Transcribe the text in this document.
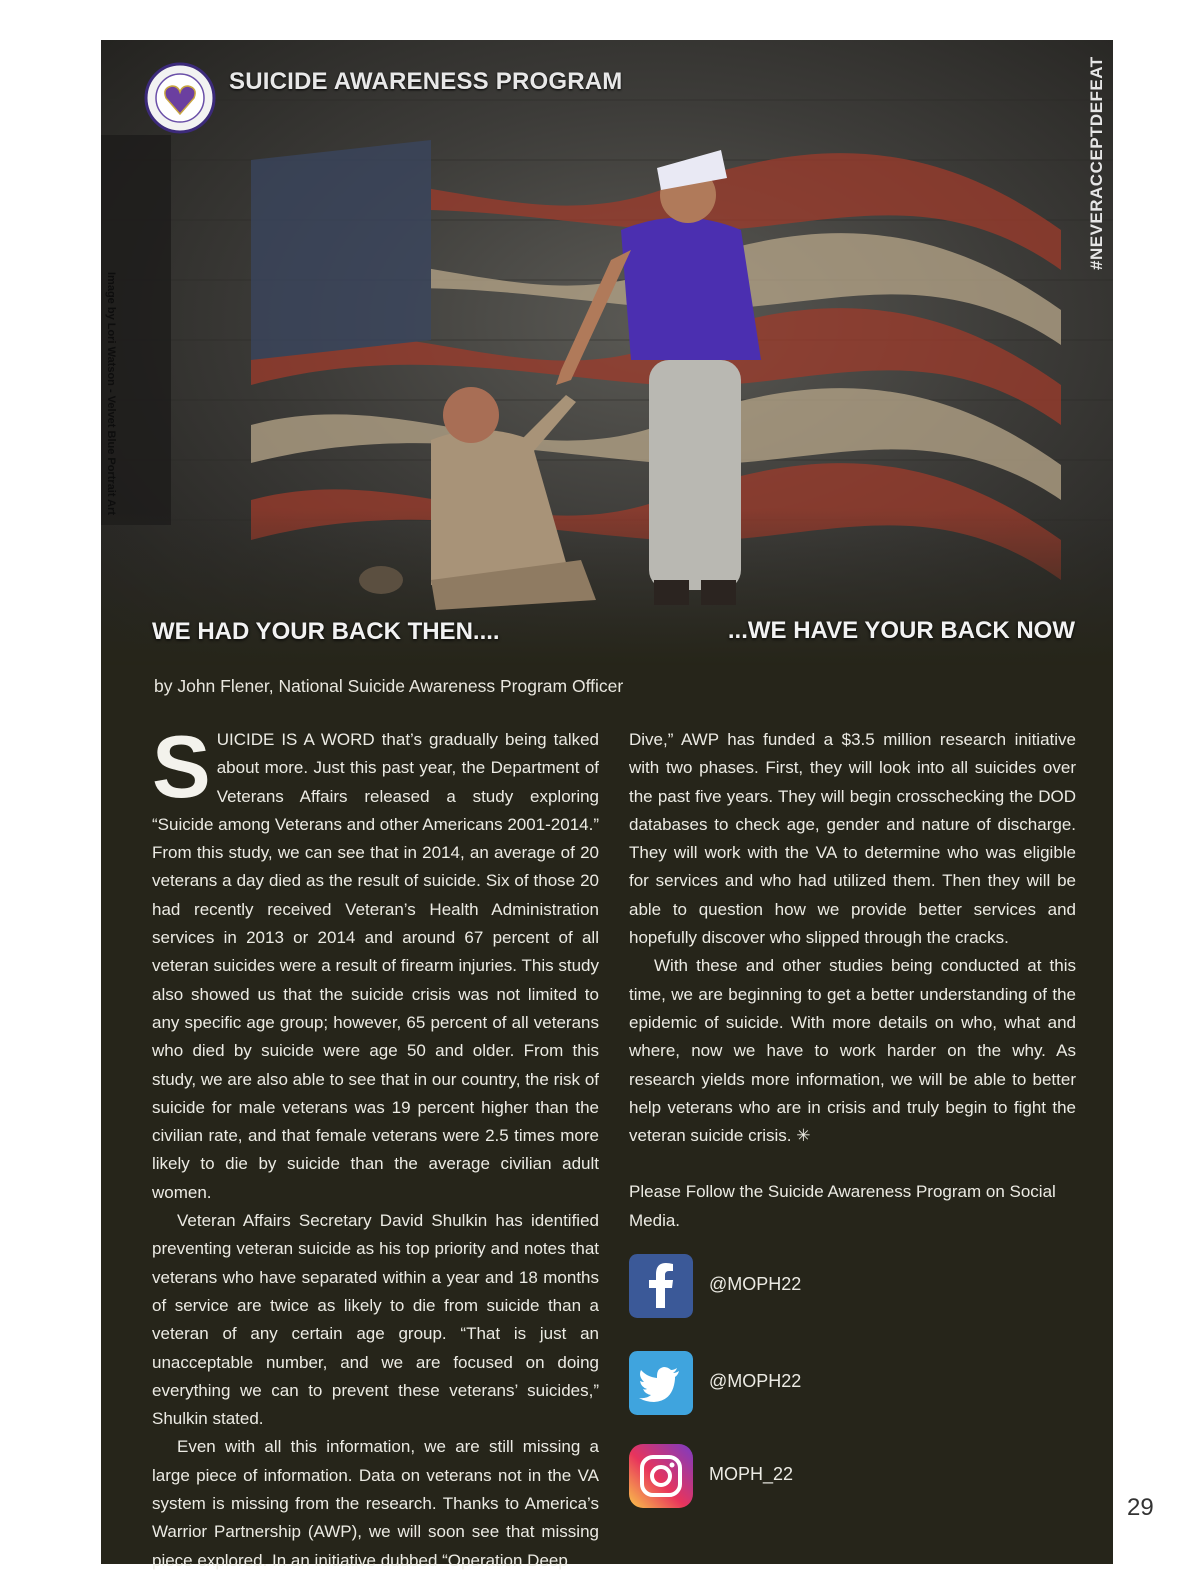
SUICIDE AWARENESS PROGRAM	#NEVERACCEPTDEFEAT
Image by Lori Watson - Velvet Blue Portrait Art
WE HAD YOUR BACK THEN....	...WE HAVE YOUR BACK NOW
by John Flener, National Suicide Awareness Program Officer

SUICIDE IS A WORD that’s gradually being talked about more. Just this past year, the Department of Veterans Affairs released a study exploring “Suicide among Veterans and other Americans 2001-2014.” From this study, we can see that in 2014, an average of 20 veterans a day died as the result of suicide. Six of those 20 had recently received Veteran’s Health Administration services in 2013 or 2014 and around 67 percent of all veteran suicides were a result of firearm injuries. This study also showed us that the suicide crisis was not limited to any specific age group; however, 65 percent of all veterans who died by suicide were age 50 and older. From this study, we are also able to see that in our country, the risk of suicide for male veterans was 19 percent higher than the civilian rate, and that female veterans were 2.5 times more likely to die by suicide than the average civilian adult women.

Veteran Affairs Secretary David Shulkin has identified preventing veteran suicide as his top priority and notes that veterans who have separated within a year and 18 months of service are twice as likely to die from suicide than a veteran of any certain age group. “That is just an unacceptable number, and we are focused on doing everything we can to prevent these veterans’ suicides,” Shulkin stated.

Even with all this information, we are still missing a large piece of information. Data on veterans not in the VA system is missing from the research. Thanks to America’s Warrior Partnership (AWP), we will soon see that missing piece explored. In an initiative dubbed “Operation Deep

Dive,” AWP has funded a $3.5 million research initiative with two phases. First, they will look into all suicides over the past five years. They will begin crosschecking the DOD databases to check age, gender and nature of discharge. They will work with the VA to determine who was eligible for services and who had utilized them. Then they will be able to question how we provide better services and hopefully discover who slipped through the cracks.

With these and other studies being conducted at this time, we are beginning to get a better understanding of the epidemic of suicide. With more details on who, what and where, now we have to work harder on the why. As research yields more information, we will be able to better help veterans who are in crisis and truly begin to fight the veteran suicide crisis. ✳

Please Follow the Suicide Awareness Program on Social Media.

@MOPH22
@MOPH22
MOPH_22
29
